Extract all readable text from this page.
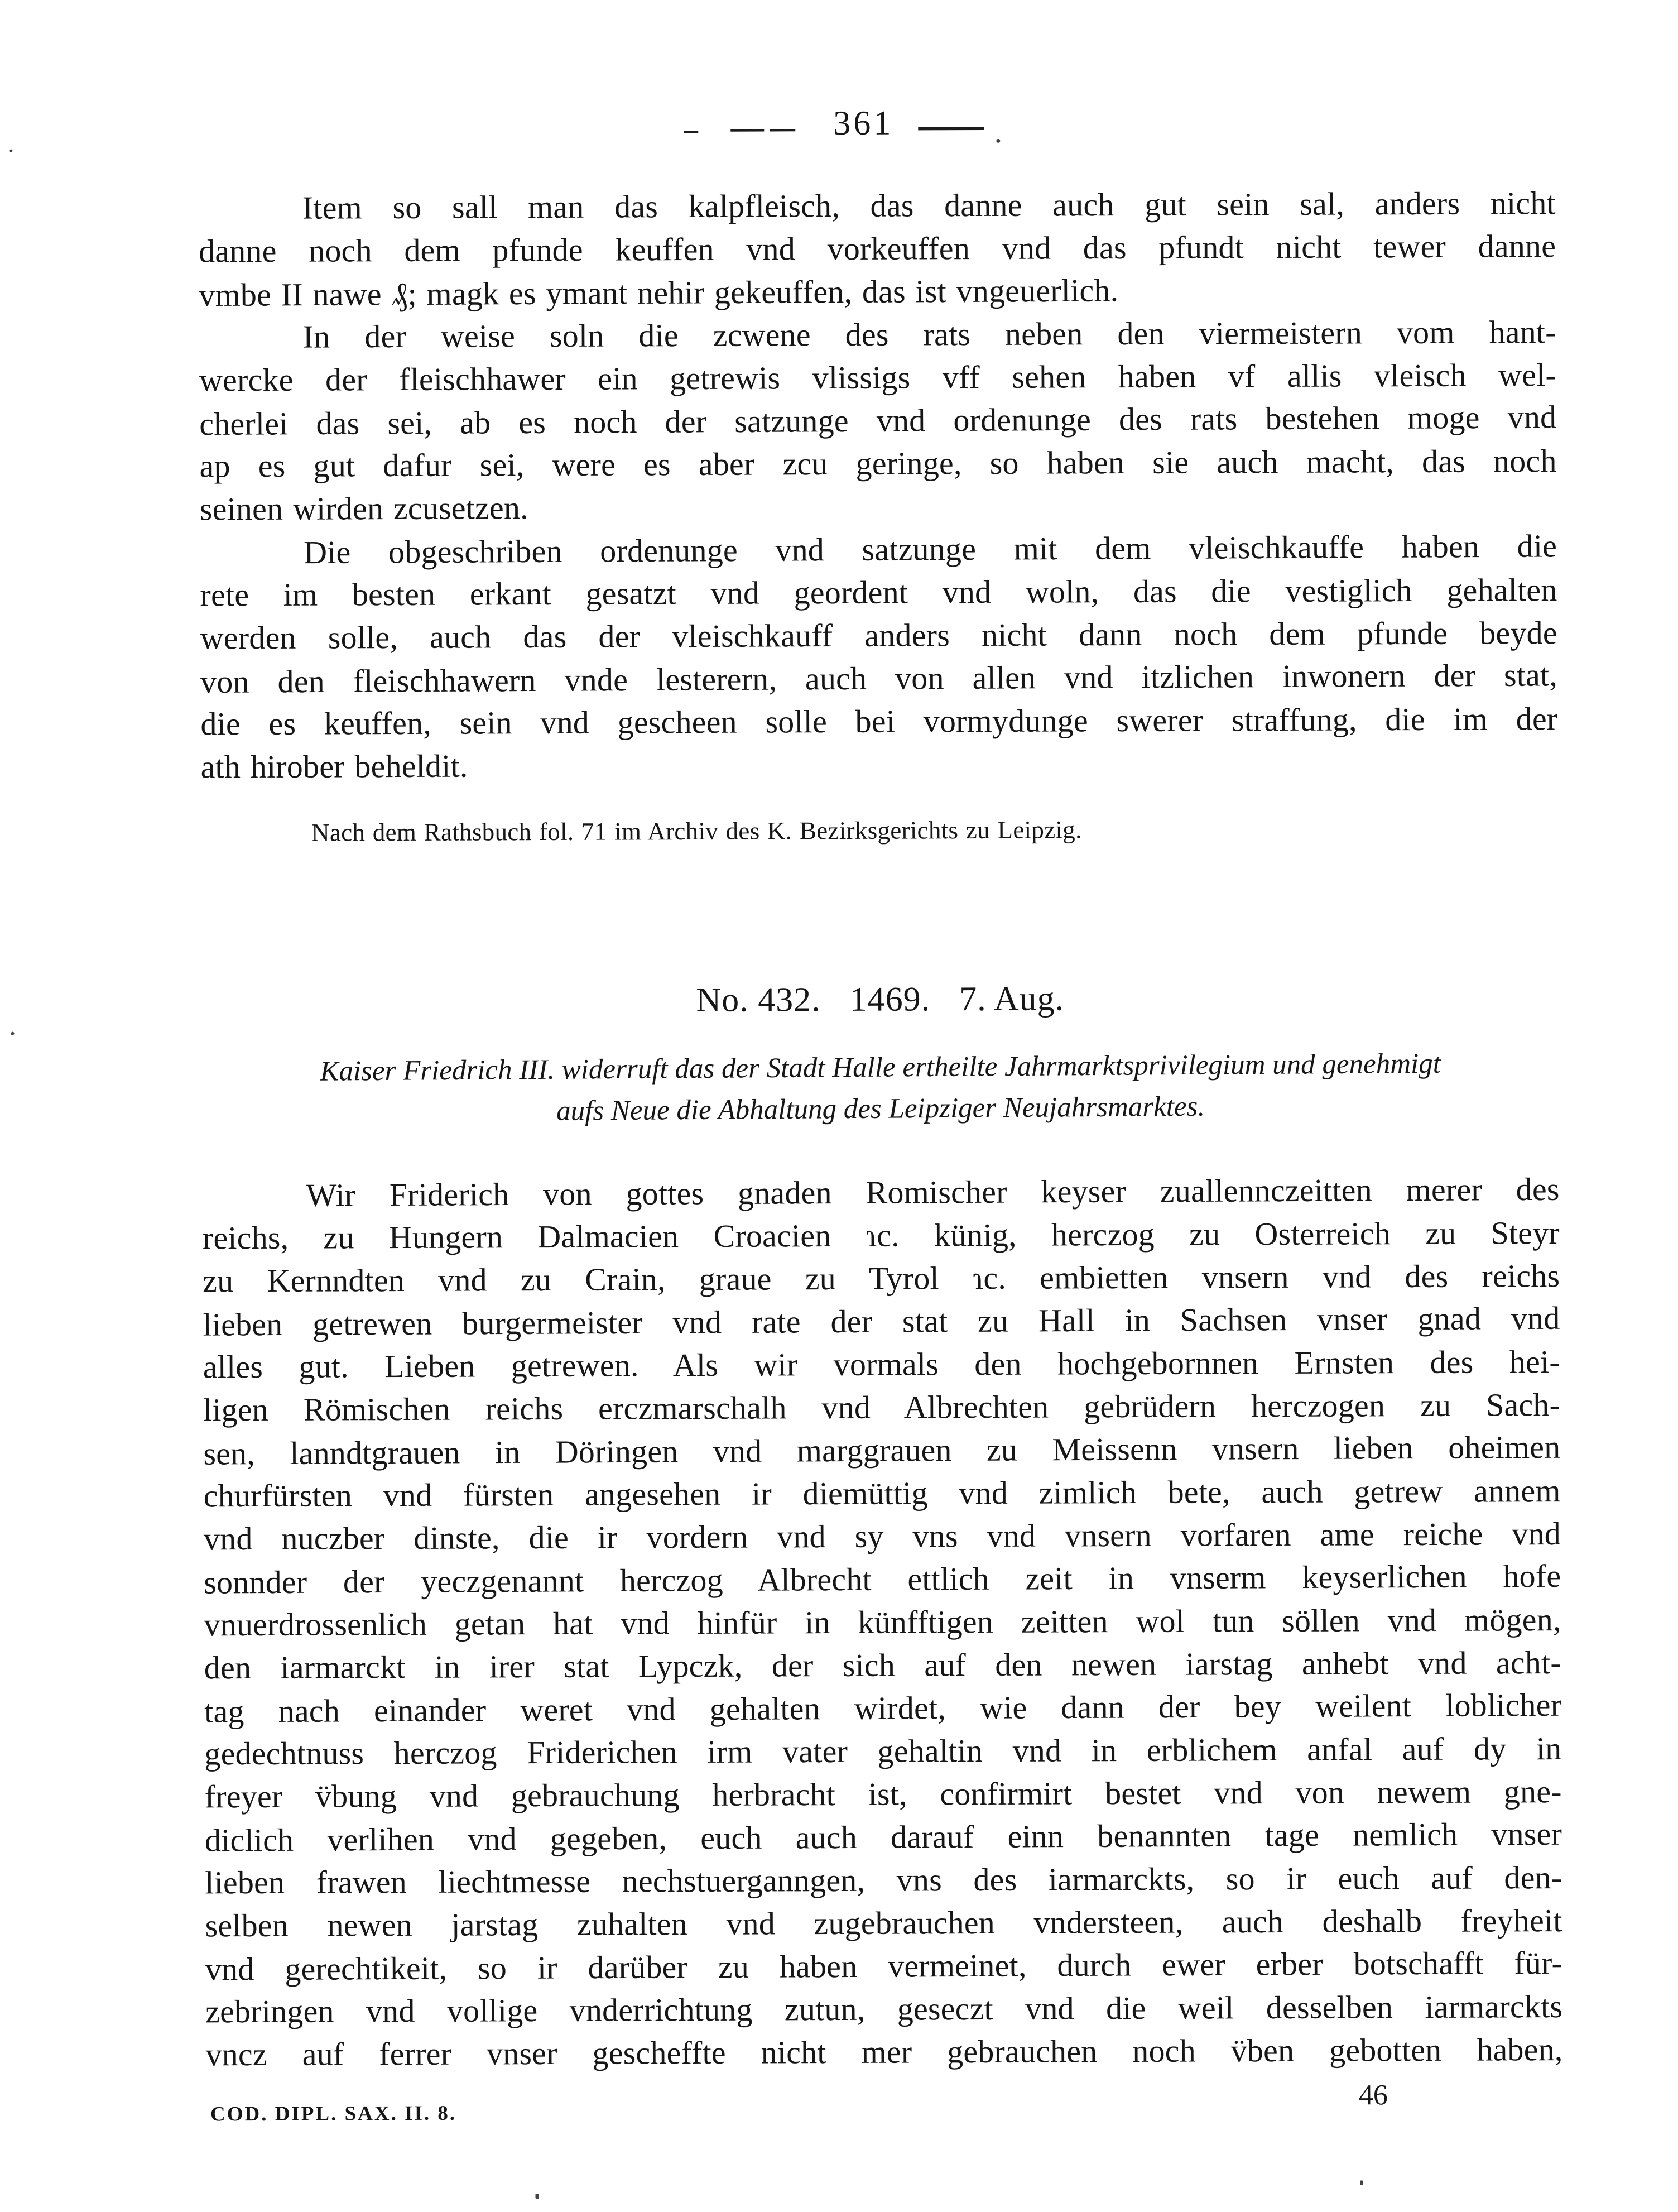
361
Item so sall man das kalpfleisch, das danne auch gut sein sal, anders nicht
danne noch dem pfunde keuffen vnd vorkeuffen vnd das pfundt nicht tewer danne
vmbe II nawe ₰; magk es ymant nehir gekeuffen, das ist vngeuerlich.
In der weise soln die zcwene des rats neben den viermeistern vom hant-
wercke der fleischhawer ein getrewis vlissigs vff sehen haben vf allis vleisch wel-
cherlei das sei, ab es noch der satzunge vnd ordenunge des rats bestehen moge vnd
ap es gut dafur sei, were es aber zcu geringe, so haben sie auch macht, das noch
seinen wirden zcusetzen.
Die obgeschriben ordenunge vnd satzunge mit dem vleischkauffe haben die
rete im besten erkant gesatzt vnd geordent vnd woln, das die vestiglich gehalten
werden solle, auch das der vleischkauff anders nicht dann noch dem pfunde beyde
von den fleischhawern vnde lesterern, auch von allen vnd itzlichen inwonern der stat,
die es keuffen, sein vnd gescheen solle bei vormydunge swerer straffung, die im der
ath hirober beheldit.
Nach dem Rathsbuch fol. 71 im Archiv des K. Bezirksgerichts zu Leipzig.
No. 432. 1469. 7. Aug.
Kaiser Friedrich III. widerruft das der Stadt Halle ertheilte Jahrmarktsprivilegium und genehmigt
aufs Neue die Abhaltung des Leipziger Neujahrsmarktes.
Wir Friderich von gottes gnaden Romischer keyser zuallennczeitten merer des
reichs, zu Hungern Dalmacien Croacien ɿc. künig, herczog zu Osterreich zu Steyr
zu Kernndten vnd zu Crain, graue zu Tyrol ɿc. embietten vnsern vnd des reichs
lieben getrewen burgermeister vnd rate der stat zu Hall in Sachsen vnser gnad vnd
alles gut. Lieben getrewen. Als wir vormals den hochgebornnen Ernsten des hei-
ligen Römischen reichs erczmarschalh vnd Albrechten gebrüdern herczogen zu Sach-
sen, lanndtgrauen in Döringen vnd marggrauen zu Meissenn vnsern lieben oheimen
churfürsten vnd fürsten angesehen ir diemüttig vnd zimlich bete, auch getrew annem
vnd nuczber dinste, die ir vordern vnd sy vns vnd vnsern vorfaren ame reiche vnd
sonnder der yeczgenannt herczog Albrecht ettlich zeit in vnserm keyserlichen hofe
vnuerdrossenlich getan hat vnd hinfür in künfftigen zeitten wol tun söllen vnd mögen,
den iarmarckt in irer stat Lypczk, der sich auf den newen iarstag anhebt vnd acht-
tag nach einander weret vnd gehalten wirdet, wie dann der bey weilent loblicher
gedechtnuss herczog Friderichen irm vater gehaltin vnd in erblichem anfal auf dy in
freyer v̈bung vnd gebrauchung herbracht ist, confirmirt bestet vnd von newem gne-
diclich verlihen vnd gegeben, euch auch darauf einn benannten tage nemlich vnser
lieben frawen liechtmesse nechstuerganngen, vns des iarmarckts, so ir euch auf den-
selben newen jarstag zuhalten vnd zugebrauchen vndersteen, auch deshalb freyheit
vnd gerechtikeit, so ir darüber zu haben vermeinet, durch ewer erber botschafft für-
zebringen vnd vollige vnderrichtung zutun, geseczt vnd die weil desselben iarmarckts
vncz auf ferrer vnser gescheffte nicht mer gebrauchen noch v̈ben gebotten haben,
COD. DIPL. SAX. II. 8.
46
